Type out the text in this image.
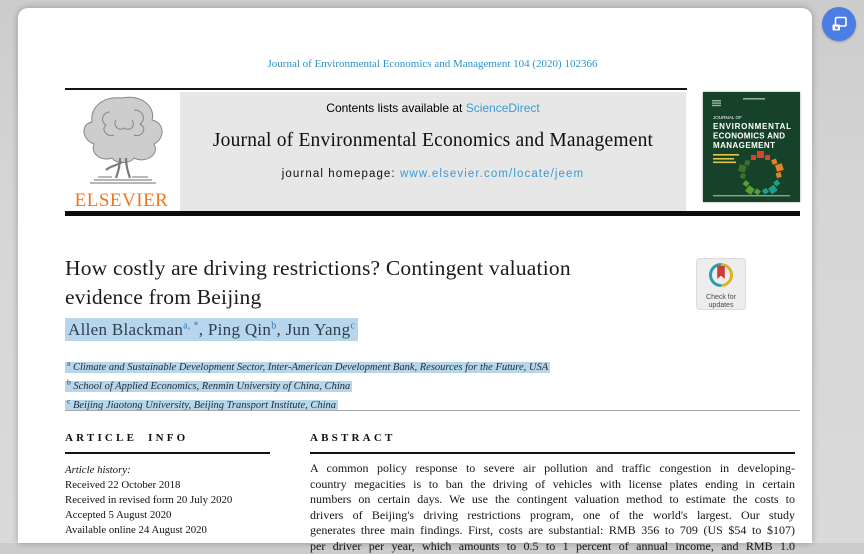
Journal of Environmental Economics and Management 104 (2020) 102366
ELSEVIER
Contents lists available at ScienceDirect
Journal of Environmental Economics and Management
journal homepage: www.elsevier.com/locate/jeem
JOURNAL OF
ENVIRONMENTAL
ECONOMICS AND
MANAGEMENT
How costly are driving restrictions? Contingent valuation
evidence from Beijing	Check for
updates
Allen Blackman$^{a, *}$, Ping Qin$^b$, Jun Yang$^c$
$^a$ Climate and Sustainable Development Sector, Inter-American Development Bank, Resources for the Future, USA
$^b$ School of Applied Economics, Renmin University of China, China
$^c$ Beijing Jiaotong University, Beijing Transport Institute, China
ARTICLE INFO
Article history:
Received 22 October 2018
Received in revised form 20 July 2020
Accepted 5 August 2020
Available online 24 August 2020
ABSTRACT
A common policy response to severe air pollution and traffic congestion in developing-
country megacities is to ban the driving of vehicles with license plates ending in certain
numbers on certain days. We use the contingent valuation method to estimate the costs to
drivers of Beijing's driving restrictions program, one of the world's largest. Our study
generates three main findings. First, costs are substantial: RMB 356 to 709 (US $54 to $107)
per driver per year, which amounts to 0.5 to 1 percent of annual income, and RMB 1.0
